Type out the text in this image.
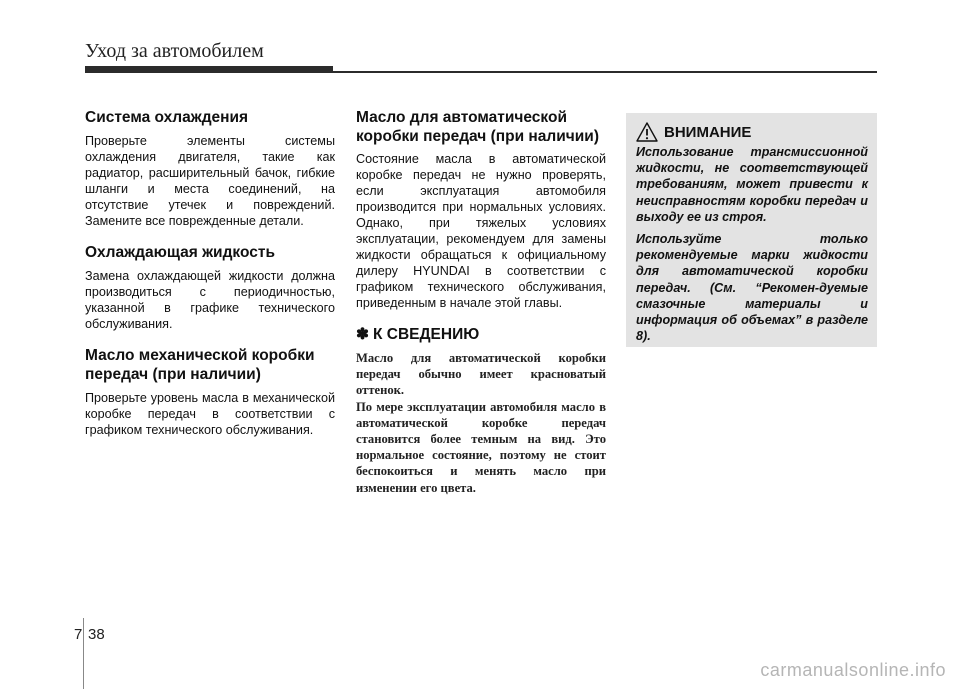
Уход за автомобилем
Система охлаждения

Проверьте элементы системы охлаждения двигателя, такие как радиатор, расширительный бачок, гибкие шланги и места соединений, на отсутствие утечек и повреждений. Замените все поврежденные детали.

Охлаждающая жидкость

Замена охлаждающей жидкости должна производиться с периодичностью, указанной в графике технического обслуживания.

Масло механической коробки передач (при наличии)

Проверьте уровень масла в механической коробке передач в соответствии с графиком технического обслуживания.

Масло для автоматической коробки передач (при наличии)

Состояние масла в автоматической коробке передач не нужно проверять, если эксплуатация автомобиля производится при нормальных условиях. Однако, при тяжелых условиях эксплуатации, рекомендуем для замены жидкости обращаться к официальному дилеру HYUNDAI в соответствии с графиком технического обслуживания, приведенным в начале этой главы.

✽ К СВЕДЕНИЮ

Масло для автоматической коробки передач обычно имеет красноватый оттенок.

По мере эксплуатации автомобиля масло в автоматической коробке передач становится более темным на вид. Это нормальное состояние, поэтому не стоит беспокоиться и менять масло при изменении его цвета.

ВНИМАНИЕ

Использование трансмиссионной жидкости, не соответствующей требованиям, может привести к неисправностям коробки передач и выходу ее из строя.

Используйте только рекомендуемые марки жидкости для автоматической коробки передач. (См. “Рекомен-дуемые смазочные материалы и информация об объемах” в разделе 8).

7 38
carmanualsonline.info
